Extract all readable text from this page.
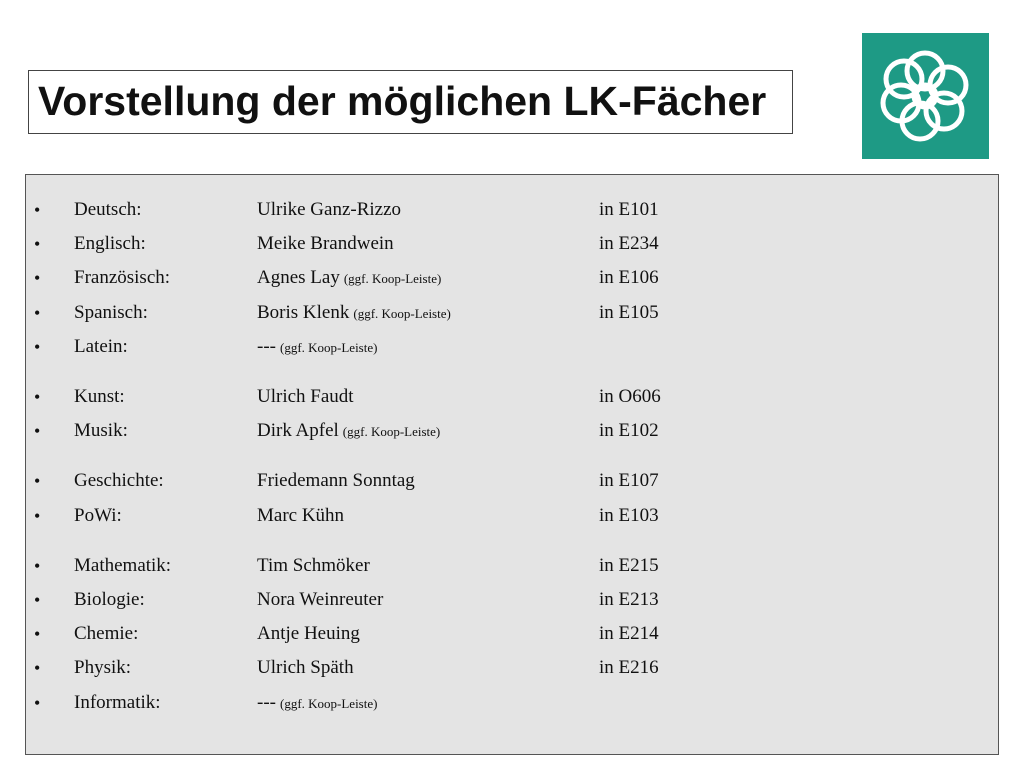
Vorstellung der möglichen LK-Fächer
• Deutsch:	Ulrike Ganz-Rizzo	in E101
• Englisch:	Meike Brandwein	in E234
• Französisch:	Agnes Lay (ggf. Koop-Leiste)	in E106
• Spanisch:	Boris Klenk (ggf. Koop-Leiste)	in E105
• Latein:	--- (ggf. Koop-Leiste)
• Kunst:	Ulrich Faudt	in O606
• Musik:	Dirk Apfel (ggf. Koop-Leiste)	in E102
• Geschichte:	Friedemann Sonntag	in E107
• PoWi:	Marc Kühn	in E103
• Mathematik:	Tim Schmöker	in E215
• Biologie:	Nora Weinreuter	in E213
• Chemie:	Antje Heuing	in E214
• Physik:	Ulrich Späth	in E216
• Informatik:	--- (ggf. Koop-Leiste)
